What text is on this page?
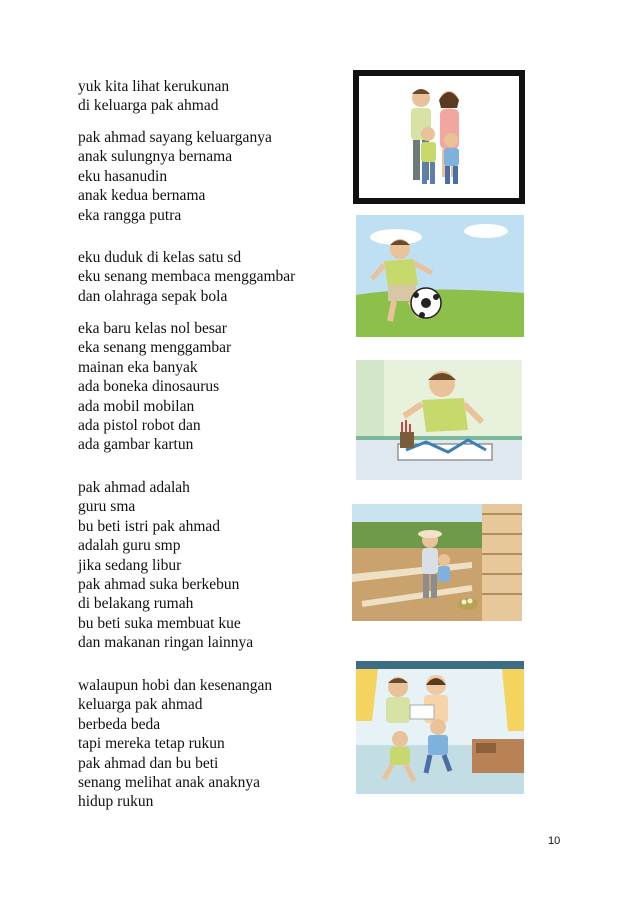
yuk kita lihat kerukunan
di keluarga pak ahmad
pak ahmad sayang keluarganya
anak sulungnya bernama
eku hasanudin
anak kedua bernama
eka rangga putra
eku duduk di kelas satu sd
eku senang membaca menggambar
dan olahraga sepak bola
eka baru kelas nol besar
eka senang menggambar
mainan eka banyak
ada boneka dinosaurus
ada mobil mobilan
ada pistol robot dan
ada gambar kartun
pak ahmad adalah
guru sma
bu beti istri pak ahmad
adalah guru smp
jika sedang libur
pak ahmad suka berkebun
di belakang rumah
bu beti suka membuat kue
dan makanan ringan lainnya
walaupun hobi dan kesenangan
keluarga pak ahmad
berbeda beda
tapi mereka tetap rukun
pak ahmad dan bu beti
senang melihat anak anaknya
hidup rukun
10
